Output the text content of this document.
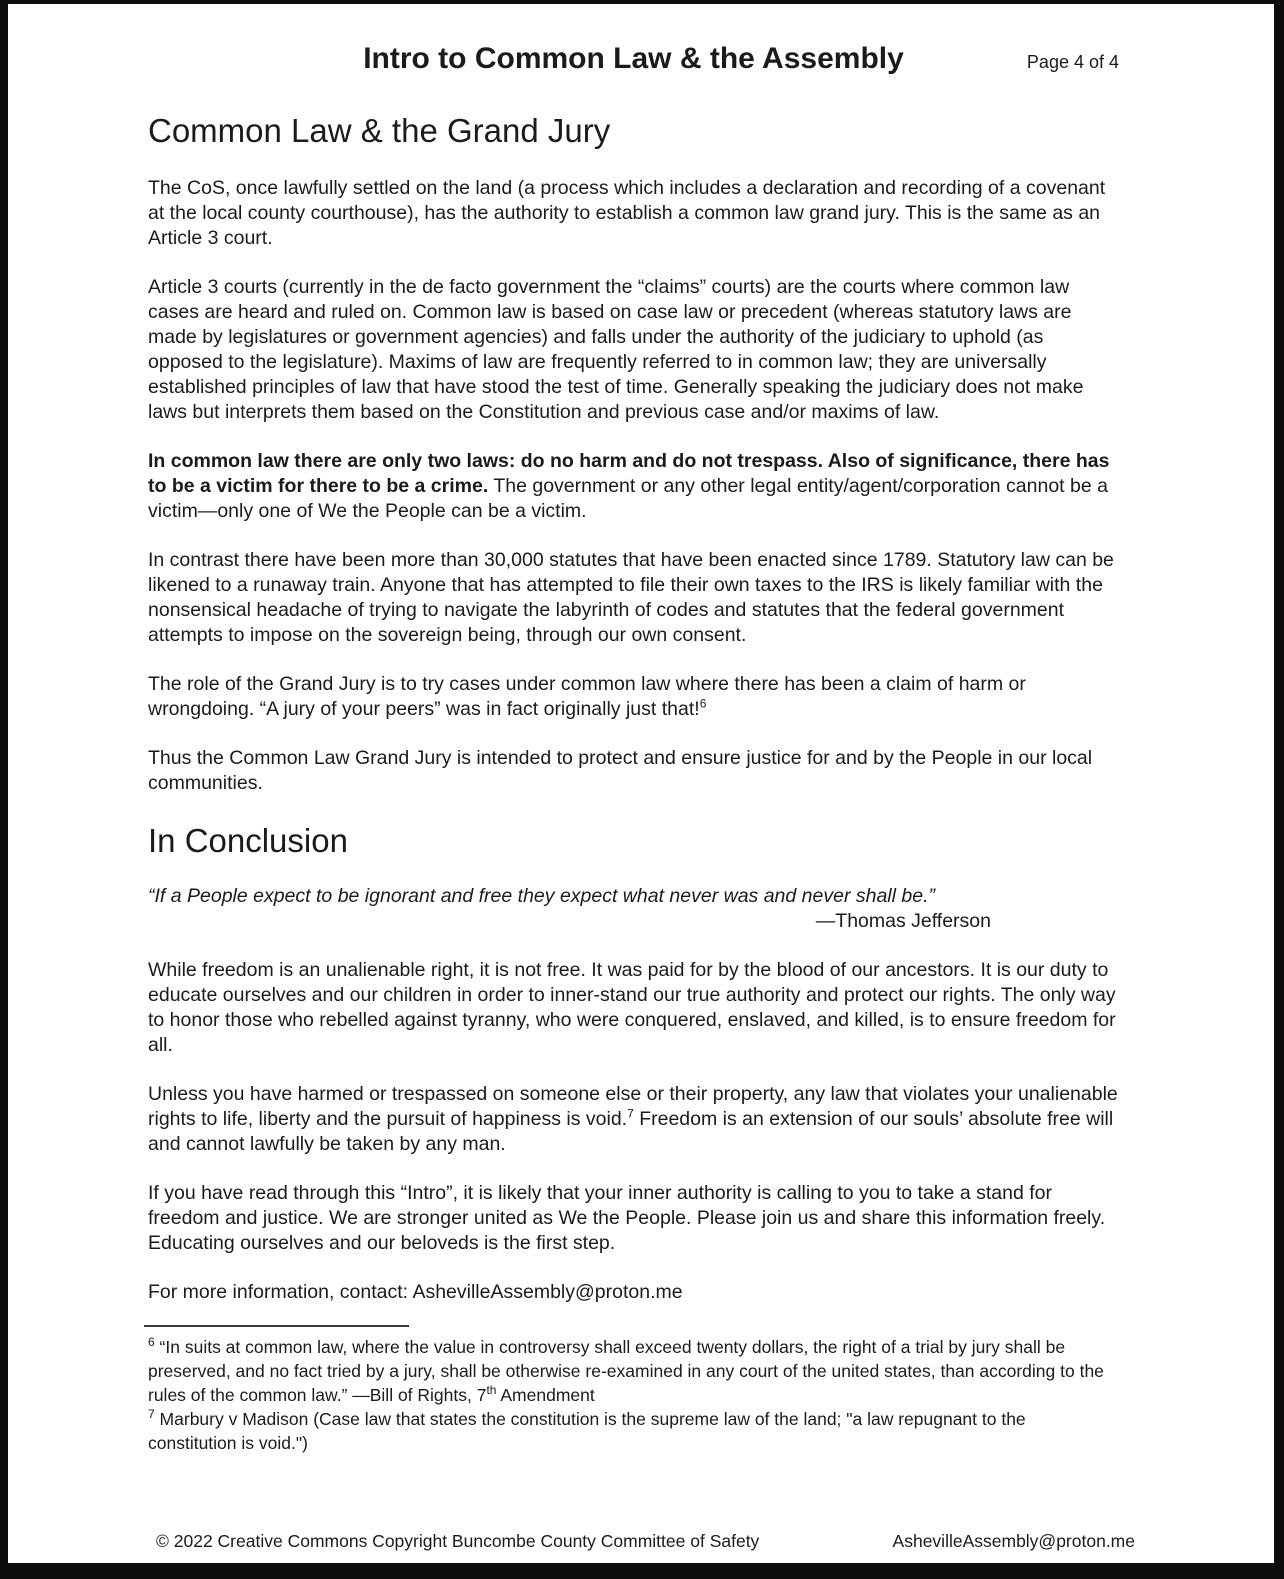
Intro to Common Law & the Assembly	Page 4 of 4
Common Law & the Grand Jury

The CoS, once lawfully settled on the land (a process which includes a declaration and recording of a covenant at the local county courthouse), has the authority to establish a common law grand jury. This is the same as an Article 3 court.

Article 3 courts (currently in the de facto government the “claims” courts) are the courts where common law cases are heard and ruled on. Common law is based on case law or precedent (whereas statutory laws are made by legislatures or government agencies) and falls under the authority of the judiciary to uphold (as opposed to the legislature). Maxims of law are frequently referred to in common law; they are universally established principles of law that have stood the test of time. Generally speaking the judiciary does not make laws but interprets them based on the Constitution and previous case and/or maxims of law.

In common law there are only two laws: do no harm and do not trespass. Also of significance, there has to be a victim for there to be a crime. The government or any other legal entity/agent/corporation cannot be a victim—only one of We the People can be a victim.

In contrast there have been more than 30,000 statutes that have been enacted since 1789. Statutory law can be likened to a runaway train. Anyone that has attempted to file their own taxes to the IRS is likely familiar with the nonsensical headache of trying to navigate the labyrinth of codes and statutes that the federal government attempts to impose on the sovereign being, through our own consent.

The role of the Grand Jury is to try cases under common law where there has been a claim of harm or wrongdoing. “A jury of your peers” was in fact originally just that!$^6$

Thus the Common Law Grand Jury is intended to protect and ensure justice for and by the People in our local communities.

In Conclusion

“If a People expect to be ignorant and free they expect what never was and never shall be.”

—Thomas Jefferson

While freedom is an unalienable right, it is not free. It was paid for by the blood of our ancestors. It is our duty to educate ourselves and our children in order to inner-stand our true authority and protect our rights. The only way to honor those who rebelled against tyranny, who were conquered, enslaved, and killed, is to ensure freedom for all.

Unless you have harmed or trespassed on someone else or their property, any law that violates your unalienable rights to life, liberty and the pursuit of happiness is void.$^7$ Freedom is an extension of our souls’ absolute free will and cannot lawfully be taken by any man.

If you have read through this “Intro”, it is likely that your inner authority is calling to you to take a stand for freedom and justice. We are stronger united as We the People. Please join us and share this information freely. Educating ourselves and our beloveds is the first step.

For more information, contact: AshevilleAssembly@proton.me

$^6$ “In suits at common law, where the value in controversy shall exceed twenty dollars, the right of a trial by jury shall be preserved, and no fact tried by a jury, shall be otherwise re-examined in any court of the united states, than according to the rules of the common law.” —Bill of Rights, 7th Amendment

$^7$ Marbury v Madison (Case law that states the constitution is the supreme law of the land; "a law repugnant to the constitution is void.")

© 2022 Creative Commons Copyright Buncombe County Committee of Safety	AshevilleAssembly@proton.me
